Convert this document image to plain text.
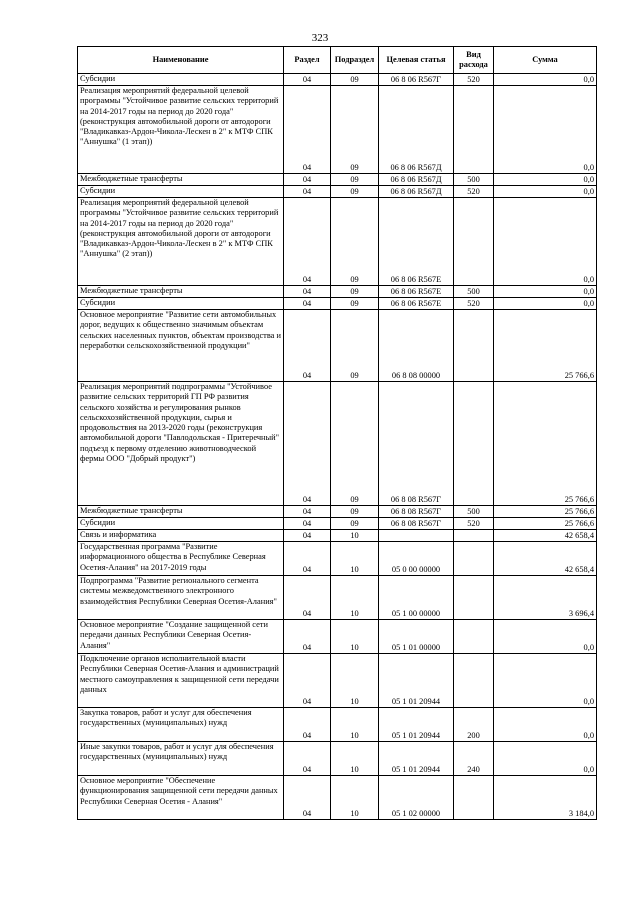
323
Наименование	Раздел	Подраздел	Целевая статья	Вид расхода	Сумма
Субсидии	04	09	06 8 06 R567Г	520	0,0
Реализация мероприятий федеральной целевой программы "Устойчивое развитие сельских территорий на 2014-2017 годы на период до 2020 года" (реконструкция автомобильной дороги от автодороги "Владикавказ-Ардон-Чикола-Лескен в 2" к МТФ СПК "Аннушка" (1 этап))	04	09	06 8 06 R567Д		0,0
Межбюджетные трансферты	04	09	06 8 06 R567Д	500	0,0
Субсидии	04	09	06 8 06 R567Д	520	0,0
Реализация мероприятий федеральной целевой программы "Устойчивое развитие сельских территорий на 2014-2017 годы на период до 2020 года" (реконструкция автомобильной дороги от автодороги "Владикавказ-Ардон-Чикола-Лескен в 2" к МТФ СПК "Аннушка" (2 этап))	04	09	06 8 06 R567Е		0,0
Межбюджетные трансферты	04	09	06 8 06 R567Е	500	0,0
Субсидии	04	09	06 8 06 R567Е	520	0,0
Основное мероприятие "Развитие сети автомобильных дорог, ведущих к общественно значимым объектам сельских населенных пунктов, объектам производства и переработки сельскохозяйственной продукции"	04	09	06 8 08 00000		25 766,6
Реализация мероприятий подпрограммы "Устойчивое развитие сельских территорий ГП РФ развития сельского хозяйства и регулирования рынков сельскохозяйственной продукции, сырья и продовольствия на 2013-2020 годы (реконструкция автомобильной дороги "Павлодольская - Притеречный" подъезд к первому отделению животноводческой фермы ООО "Добрый продукт")	04	09	06 8 08 R567Г		25 766,6
Межбюджетные трансферты	04	09	06 8 08 R567Г	500	25 766,6
Субсидии	04	09	06 8 08 R567Г	520	25 766,6
Связь и информатика	04	10			42 658,4
Государственная программа "Развитие информационного общества в Республике Северная Осетия-Алания" на 2017-2019 годы	04	10	05 0 00 00000		42 658,4
Подпрограмма "Развитие регионального сегмента системы межведомственного электронного взаимодействия Республики Северная Осетия-Алания"	04	10	05 1 00 00000		3 696,4
Основное мероприятие "Создание защищенной сети передачи данных Республики Северная Осетия-Алания"	04	10	05 1 01 00000		0,0
Подключение органов исполнительной власти Республики Северная Осетия-Алания и администраций местного самоуправления к защищенной сети передачи данных	04	10	05 1 01 20944		0,0
Закупка товаров, работ и услуг для обеспечения государственных (муниципальных) нужд	04	10	05 1 01 20944	200	0,0
Иные закупки товаров, работ и услуг для обеспечения государственных (муниципальных) нужд	04	10	05 1 01 20944	240	0,0
Основное мероприятие "Обеспечение функционирования защищенной сети передачи данных Республики Северная Осетия - Алания"	04	10	05 1 02 00000		3 184,0
